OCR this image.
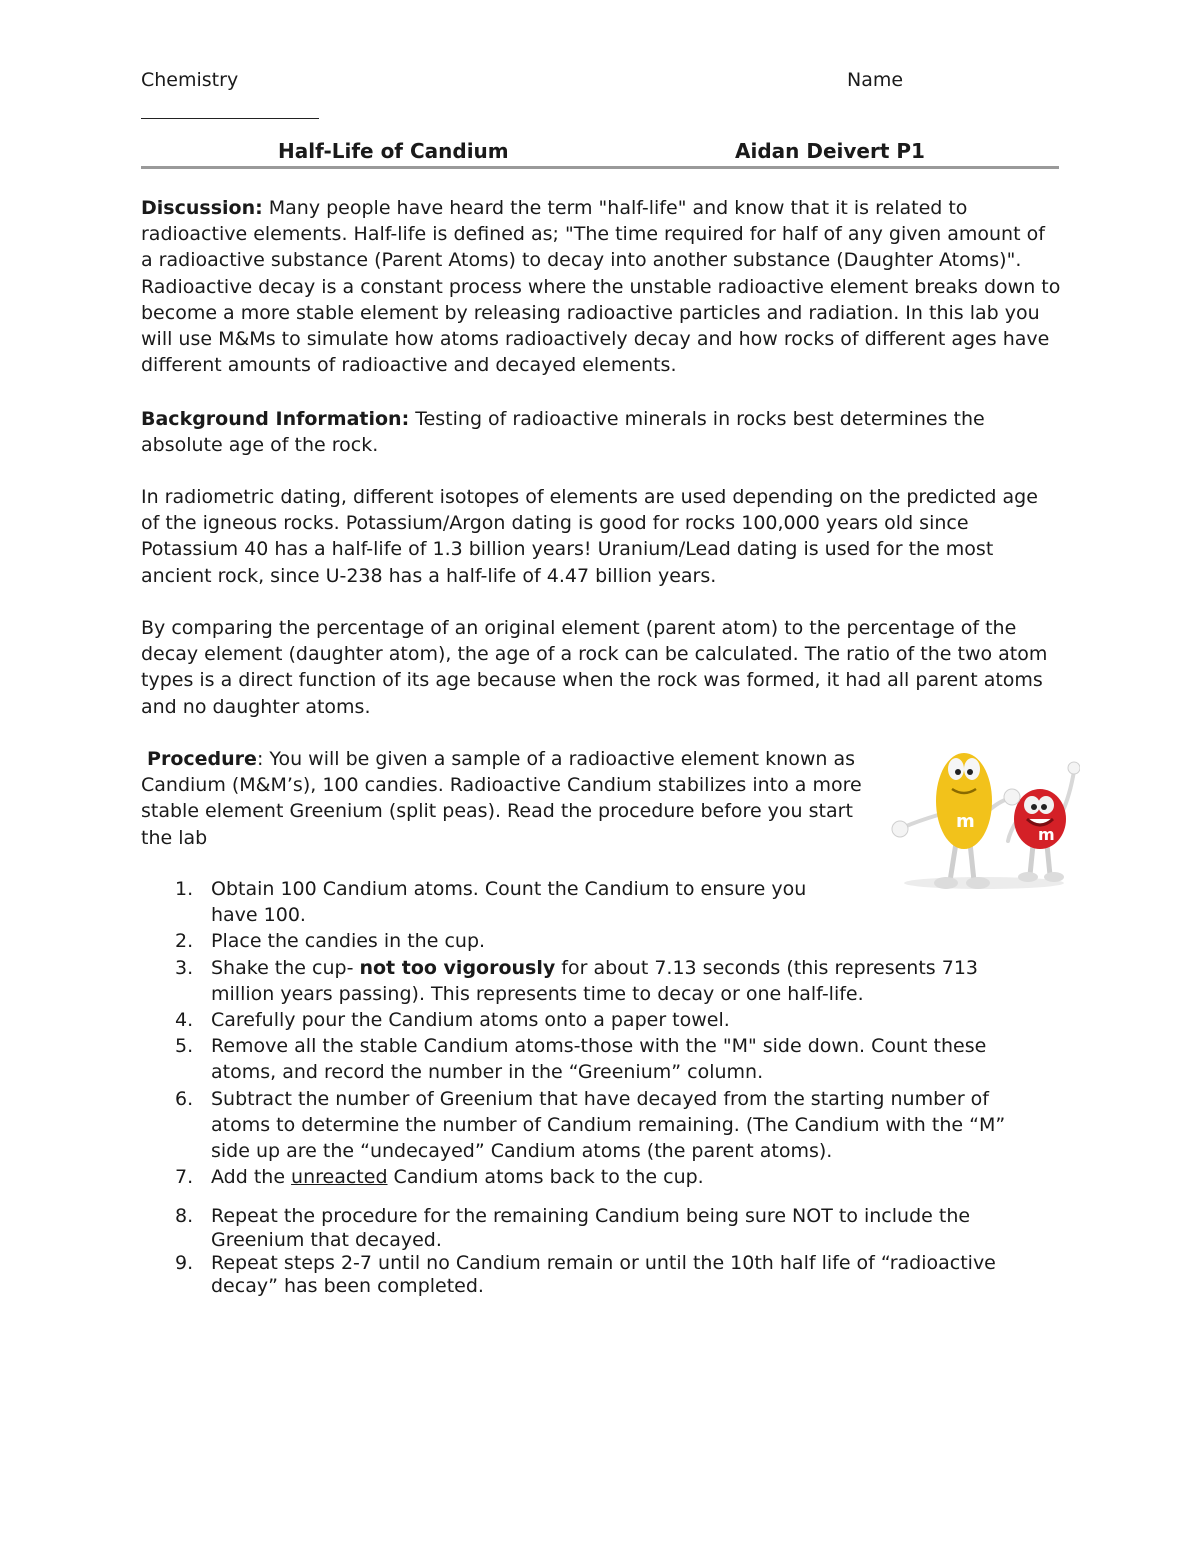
Chemistry	Name
Half-Life of Candium	Aidan Deivert P1
Discussion: Many people have heard the term "half-life" and know that it is related to radioactive elements. Half-life is defined as; "The time required for half of any given amount of a radioactive substance (Parent Atoms) to decay into another substance (Daughter Atoms)". Radioactive decay is a constant process where the unstable radioactive element breaks down to become a more stable element by releasing radioactive particles and radiation. In this lab you will use M&Ms to simulate how atoms radioactively decay and how rocks of different ages have different amounts of radioactive and decayed elements.
Background Information: Testing of radioactive minerals in rocks best determines the absolute age of the rock.
In radiometric dating, different isotopes of elements are used depending on the predicted age of the igneous rocks. Potassium/Argon dating is good for rocks 100,000 years old since Potassium 40 has a half-life of 1.3 billion years! Uranium/Lead dating is used for the most ancient rock, since U-238 has a half-life of 4.47 billion years.
By comparing the percentage of an original element (parent atom) to the percentage of the decay element (daughter atom), the age of a rock can be calculated. The ratio of the two atom types is a direct function of its age because when the rock was formed, it had all parent atoms and no daughter atoms.
Procedure: You will be given a sample of a radioactive element known as Candium (M&M’s), 100 candies. Radioactive Candium stabilizes into a more stable element Greenium (split peas). Read the procedure before you start the lab	m
m
1. Obtain 100 Candium atoms. Count the Candium to ensure you have 100.
2. Place the candies in the cup.
3. Shake the cup- not too vigorously for about 7.13 seconds (this represents 713 million years passing). This represents time to decay or one half-life.
4. Carefully pour the Candium atoms onto a paper towel.
5. Remove all the stable Candium atoms-those with the "M" side down. Count these atoms, and record the number in the “Greenium” column.
6. Subtract the number of Greenium that have decayed from the starting number of atoms to determine the number of Candium remaining. (The Candium with the “M” side up are the “undecayed” Candium atoms (the parent atoms).
7. Add the unreacted Candium atoms back to the cup.
8. Repeat the procedure for the remaining Candium being sure NOT to include the Greenium that decayed.
9. Repeat steps 2-7 until no Candium remain or until the 10th half life of “radioactive decay” has been completed.
